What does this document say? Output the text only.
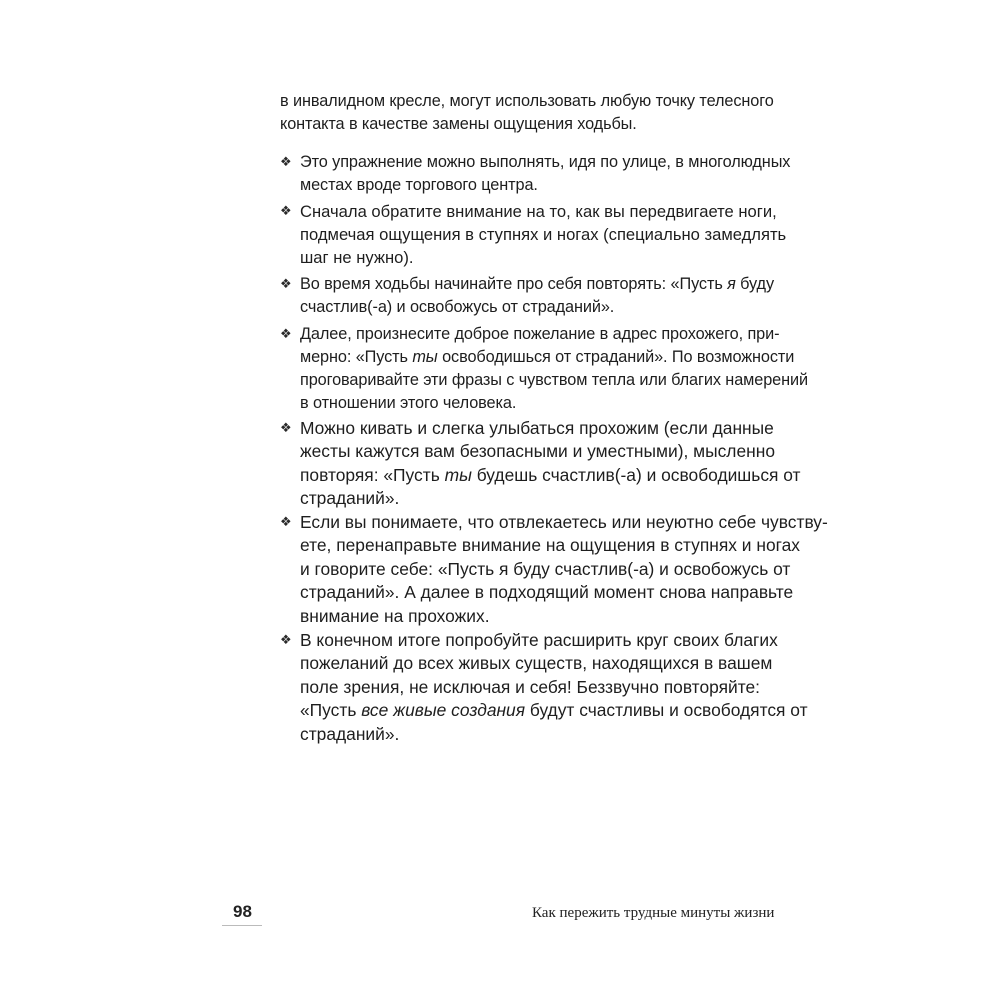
в инвалидном кресле, могут использовать любую точку телесного
контакта в качестве замены ощущения ходьбы.
❖ Это упражнение можно выполнять, идя по улице, в многолюдных
местах вроде торгового центра.
❖ Сначала обратите внимание на то, как вы передвигаете ноги,
подмечая ощущения в ступнях и ногах (специально замедлять
шаг не нужно).
❖ Во время ходьбы начинайте про себя повторять: «Пусть я буду
счастлив(-а) и освобожусь от страданий».
❖ Далее, произнесите доброе пожелание в адрес прохожего, при-
мерно: «Пусть ты освободишься от страданий». По возможности
проговаривайте эти фразы с чувством тепла или благих намерений
в отношении этого человека.
❖ Можно кивать и слегка улыбаться прохожим (если данные
жесты кажутся вам безопасными и уместными), мысленно
повторяя: «Пусть ты будешь счастлив(-а) и освободишься от
страданий».
❖ Если вы понимаете, что отвлекаетесь или неуютно себе чувству-
ете, перенаправьте внимание на ощущения в ступнях и ногах
и говорите себе: «Пусть я буду счастлив(-а) и освобожусь от
страданий». А далее в подходящий момент снова направьте
внимание на прохожих.
❖ В конечном итоге попробуйте расширить круг своих благих
пожеланий до всех живых существ, находящихся в вашем
поле зрения, не исключая и себя! Беззвучно повторяйте:
«Пусть все живые создания будут счастливы и освободятся от
страданий».
98	Как пережить трудные минуты жизни
